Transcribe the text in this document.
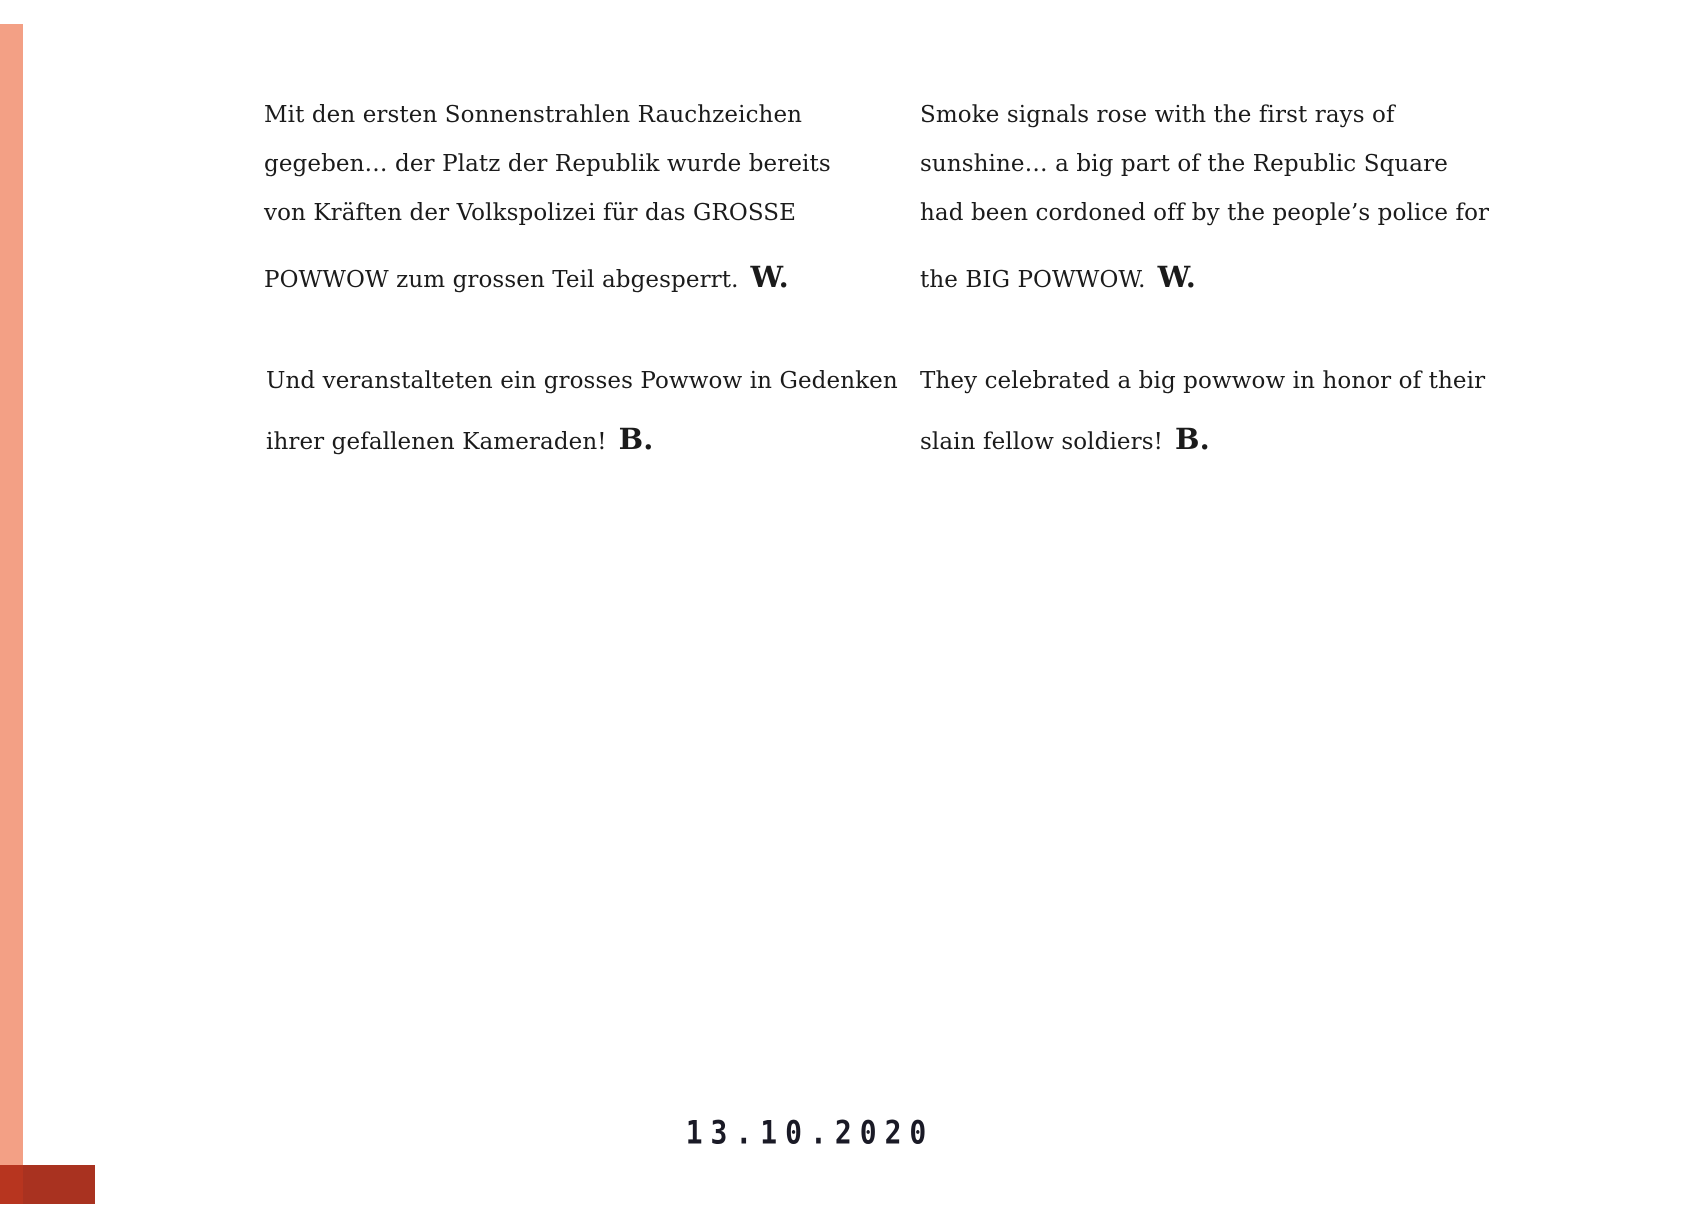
Mit den ersten Sonnenstrahlen Rauchzeichen
gegeben… der Platz der Republik wurde bereits
von Kräften der Volkspolizei für das GROSSE
POWWOW zum grossen Teil abgesperrt. W.
Und veranstalteten ein grosses Powwow in Gedenken
ihrer gefallenen Kameraden! B.
Smoke signals rose with the first rays of
sunshine… a big part of the Republic Square
had been cordoned off by the people’s police for
the BIG POWWOW. W.
They celebrated a big powwow in honor of their
slain fellow soldiers! B.
13.10.2020
